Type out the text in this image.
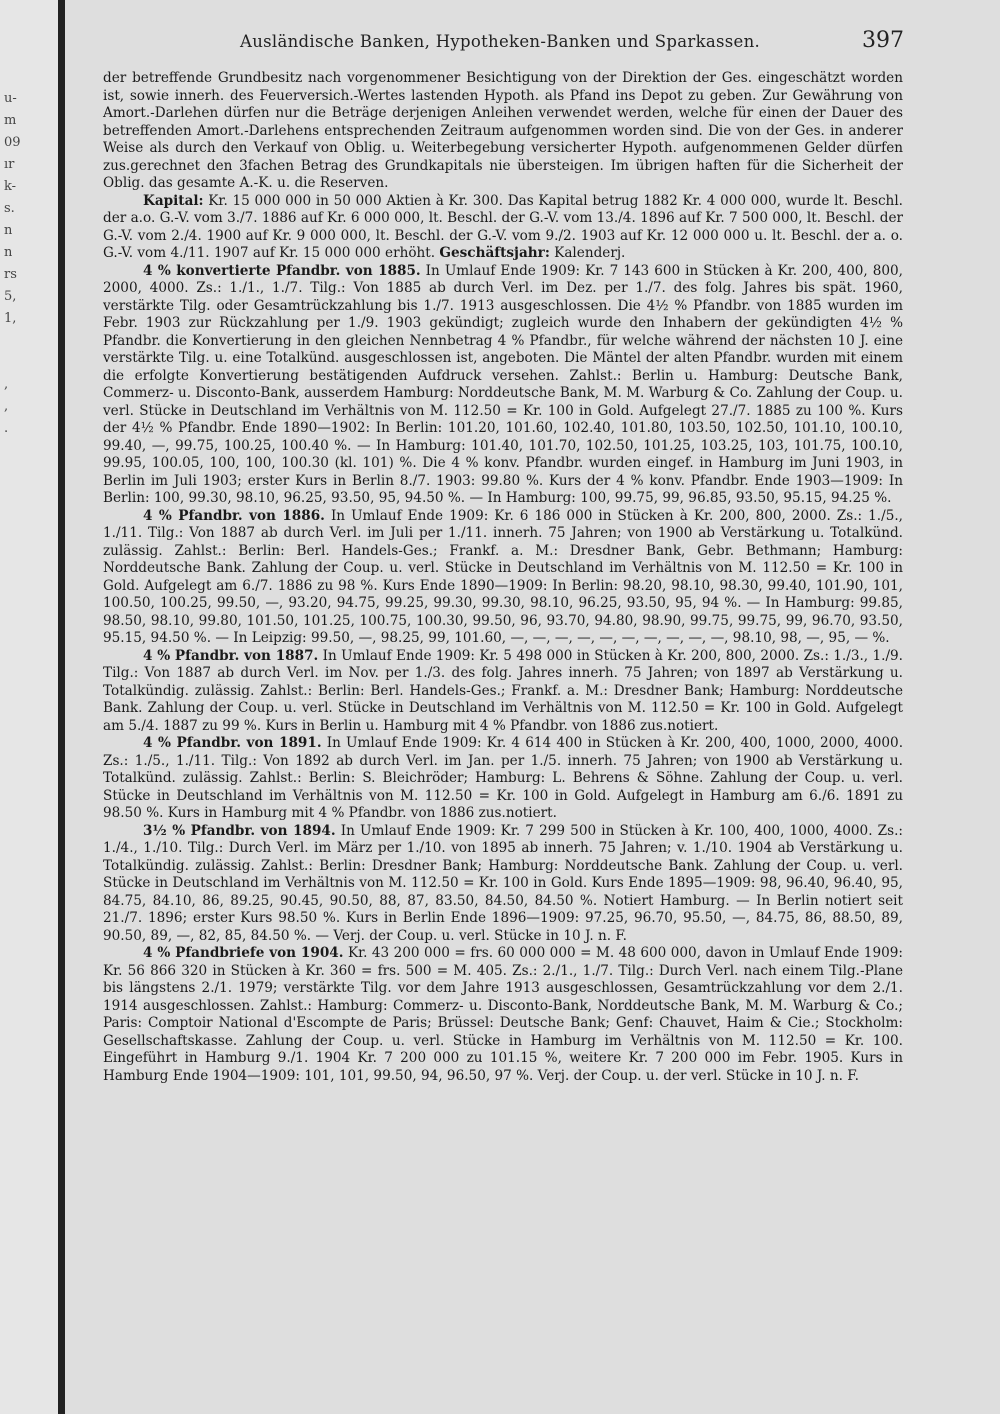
u-
m
09
ır
k-
s.
n
n
rs
5,
1,
,
,
.
Ausländische Banken, Hypotheken-Banken und Sparkassen.	397

der betreffende Grundbesitz nach vorgenommener Besichtigung von der Direktion der Ges. eingeschätzt worden ist, sowie innerh. des Feuerversich.-Wertes lastenden Hypoth. als Pfand ins Depot zu geben. Zur Gewährung von Amort.-Darlehen dürfen nur die Beträge derjenigen Anleihen verwendet werden, welche für einen der Dauer des betreffenden Amort.-Darlehens entsprechenden Zeitraum aufgenommen worden sind. Die von der Ges. in anderer Weise als durch den Verkauf von Oblig. u. Weiterbegebung versicherter Hypoth. aufgenommenen Gelder dürfen zus.gerechnet den 3fachen Betrag des Grundkapitals nie übersteigen. Im übrigen haften für die Sicherheit der Oblig. das gesamte A.-K. u. die Reserven.

Kapital: Kr. 15 000 000 in 50 000 Aktien à Kr. 300. Das Kapital betrug 1882 Kr. 4 000 000, wurde lt. Beschl. der a.o. G.-V. vom 3./7. 1886 auf Kr. 6 000 000, lt. Beschl. der G.-V. vom 13./4. 1896 auf Kr. 7 500 000, lt. Beschl. der G.-V. vom 2./4. 1900 auf Kr. 9 000 000, lt. Beschl. der G.-V. vom 9./2. 1903 auf Kr. 12 000 000 u. lt. Beschl. der a. o. G.-V. vom 4./11. 1907 auf Kr. 15 000 000 erhöht. Geschäftsjahr: Kalenderj.

4 % konvertierte Pfandbr. von 1885. In Umlauf Ende 1909: Kr. 7 143 600 in Stücken à Kr. 200, 400, 800, 2000, 4000. Zs.: 1./1., 1./7. Tilg.: Von 1885 ab durch Verl. im Dez. per 1./7. des folg. Jahres bis spät. 1960, verstärkte Tilg. oder Gesamtrückzahlung bis 1./7. 1913 ausgeschlossen. Die 4½ % Pfandbr. von 1885 wurden im Febr. 1903 zur Rückzahlung per 1./9. 1903 gekündigt; zugleich wurde den Inhabern der gekündigten 4½ % Pfandbr. die Konvertierung in den gleichen Nennbetrag 4 % Pfandbr., für welche während der nächsten 10 J. eine verstärkte Tilg. u. eine Totalkünd. ausgeschlossen ist, angeboten. Die Mäntel der alten Pfandbr. wurden mit einem die erfolgte Konvertierung bestätigenden Aufdruck versehen. Zahlst.: Berlin u. Hamburg: Deutsche Bank, Commerz- u. Disconto-Bank, ausserdem Hamburg: Norddeutsche Bank, M. M. Warburg & Co. Zahlung der Coup. u. verl. Stücke in Deutschland im Verhältnis von M. 112.50 = Kr. 100 in Gold. Aufgelegt 27./7. 1885 zu 100 %. Kurs der 4½ % Pfandbr. Ende 1890—1902: In Berlin: 101.20, 101.60, 102.40, 101.80, 103.50, 102.50, 101.10, 100.10, 99.40, —, 99.75, 100.25, 100.40 %. — In Hamburg: 101.40, 101.70, 102.50, 101.25, 103.25, 103, 101.75, 100.10, 99.95, 100.05, 100, 100, 100.30 (kl. 101) %. Die 4 % konv. Pfandbr. wurden eingef. in Hamburg im Juni 1903, in Berlin im Juli 1903; erster Kurs in Berlin 8./7. 1903: 99.80 %. Kurs der 4 % konv. Pfandbr. Ende 1903—1909: In Berlin: 100, 99.30, 98.10, 96.25, 93.50, 95, 94.50 %. — In Hamburg: 100, 99.75, 99, 96.85, 93.50, 95.15, 94.25 %.

4 % Pfandbr. von 1886. In Umlauf Ende 1909: Kr. 6 186 000 in Stücken à Kr. 200, 800, 2000. Zs.: 1./5., 1./11. Tilg.: Von 1887 ab durch Verl. im Juli per 1./11. innerh. 75 Jahren; von 1900 ab Verstärkung u. Totalkünd. zulässig. Zahlst.: Berlin: Berl. Handels-Ges.; Frankf. a. M.: Dresdner Bank, Gebr. Bethmann; Hamburg: Norddeutsche Bank. Zahlung der Coup. u. verl. Stücke in Deutschland im Verhältnis von M. 112.50 = Kr. 100 in Gold. Aufgelegt am 6./7. 1886 zu 98 %. Kurs Ende 1890—1909: In Berlin: 98.20, 98.10, 98.30, 99.40, 101.90, 101, 100.50, 100.25, 99.50, —, 93.20, 94.75, 99.25, 99.30, 99.30, 98.10, 96.25, 93.50, 95, 94 %. — In Hamburg: 99.85, 98.50, 98.10, 99.80, 101.50, 101.25, 100.75, 100.30, 99.50, 96, 93.70, 94.80, 98.90, 99.75, 99.75, 99, 96.70, 93.50, 95.15, 94.50 %. — In Leipzig: 99.50, —, 98.25, 99, 101.60, —, —, —, —, —, —, —, —, —, —, 98.10, 98, —, 95, — %.

4 % Pfandbr. von 1887. In Umlauf Ende 1909: Kr. 5 498 000 in Stücken à Kr. 200, 800, 2000. Zs.: 1./3., 1./9. Tilg.: Von 1887 ab durch Verl. im Nov. per 1./3. des folg. Jahres innerh. 75 Jahren; von 1897 ab Verstärkung u. Totalkündig. zulässig. Zahlst.: Berlin: Berl. Handels-Ges.; Frankf. a. M.: Dresdner Bank; Hamburg: Norddeutsche Bank. Zahlung der Coup. u. verl. Stücke in Deutschland im Verhältnis von M. 112.50 = Kr. 100 in Gold. Aufgelegt am 5./4. 1887 zu 99 %. Kurs in Berlin u. Hamburg mit 4 % Pfandbr. von 1886 zus.notiert.

4 % Pfandbr. von 1891. In Umlauf Ende 1909: Kr. 4 614 400 in Stücken à Kr. 200, 400, 1000, 2000, 4000. Zs.: 1./5., 1./11. Tilg.: Von 1892 ab durch Verl. im Jan. per 1./5. innerh. 75 Jahren; von 1900 ab Verstärkung u. Totalkünd. zulässig. Zahlst.: Berlin: S. Bleichröder; Hamburg: L. Behrens & Söhne. Zahlung der Coup. u. verl. Stücke in Deutschland im Verhältnis von M. 112.50 = Kr. 100 in Gold. Aufgelegt in Hamburg am 6./6. 1891 zu 98.50 %. Kurs in Hamburg mit 4 % Pfandbr. von 1886 zus.notiert.

3½ % Pfandbr. von 1894. In Umlauf Ende 1909: Kr. 7 299 500 in Stücken à Kr. 100, 400, 1000, 4000. Zs.: 1./4., 1./10. Tilg.: Durch Verl. im März per 1./10. von 1895 ab innerh. 75 Jahren; v. 1./10. 1904 ab Verstärkung u. Totalkündig. zulässig. Zahlst.: Berlin: Dresdner Bank; Hamburg: Norddeutsche Bank. Zahlung der Coup. u. verl. Stücke in Deutschland im Verhältnis von M. 112.50 = Kr. 100 in Gold. Kurs Ende 1895—1909: 98, 96.40, 96.40, 95, 84.75, 84.10, 86, 89.25, 90.45, 90.50, 88, 87, 83.50, 84.50, 84.50 %. Notiert Hamburg. — In Berlin notiert seit 21./7. 1896; erster Kurs 98.50 %. Kurs in Berlin Ende 1896—1909: 97.25, 96.70, 95.50, —, 84.75, 86, 88.50, 89, 90.50, 89, —, 82, 85, 84.50 %. — Verj. der Coup. u. verl. Stücke in 10 J. n. F.

4 % Pfandbriefe von 1904. Kr. 43 200 000 = frs. 60 000 000 = M. 48 600 000, davon in Umlauf Ende 1909: Kr. 56 866 320 in Stücken à Kr. 360 = frs. 500 = M. 405. Zs.: 2./1., 1./7. Tilg.: Durch Verl. nach einem Tilg.-Plane bis längstens 2./1. 1979; verstärkte Tilg. vor dem Jahre 1913 ausgeschlossen, Gesamtrückzahlung vor dem 2./1. 1914 ausgeschlossen. Zahlst.: Hamburg: Commerz- u. Disconto-Bank, Norddeutsche Bank, M. M. Warburg & Co.; Paris: Comptoir National d'Escompte de Paris; Brüssel: Deutsche Bank; Genf: Chauvet, Haim & Cie.; Stockholm: Gesellschaftskasse. Zahlung der Coup. u. verl. Stücke in Hamburg im Verhältnis von M. 112.50 = Kr. 100. Eingeführt in Hamburg 9./1. 1904 Kr. 7 200 000 zu 101.15 %, weitere Kr. 7 200 000 im Febr. 1905. Kurs in Hamburg Ende 1904—1909: 101, 101, 99.50, 94, 96.50, 97 %. Verj. der Coup. u. der verl. Stücke in 10 J. n. F.
